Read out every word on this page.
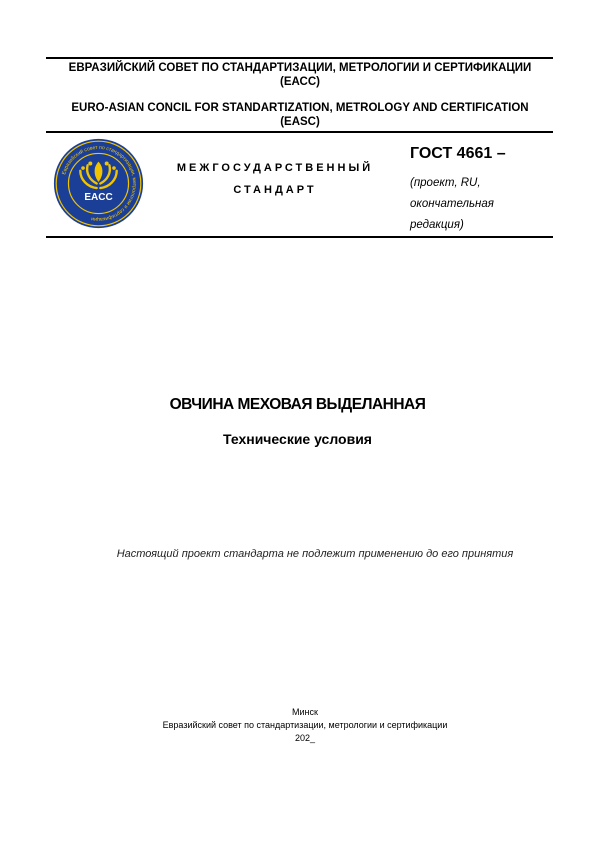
ЕВРАЗИЙСКИЙ СОВЕТ ПО СТАНДАРТИЗАЦИИ, МЕТРОЛОГИИ И СЕРТИФИКАЦИИ
(ЕАСС)
EURO-ASIAN CONCIL FOR STANDARTIZATION, METROLOGY AND CERTIFICATION
(EASC)
Евразийский совет по стандартизации, метрологии и сертификации
EACC
МЕЖГОСУДАРСТВЕННЫЙ
СТАНДАРТ
ГОСТ 4661 –
(проект, RU,
окончательная
редакция)
ОВЧИНА МЕХОВАЯ ВЫДЕЛАННАЯ
Технические условия
Настоящий проект стандарта не подлежит применению до его принятия
Минск
Евразийский совет по стандартизации, метрологии и сертификации
202_
